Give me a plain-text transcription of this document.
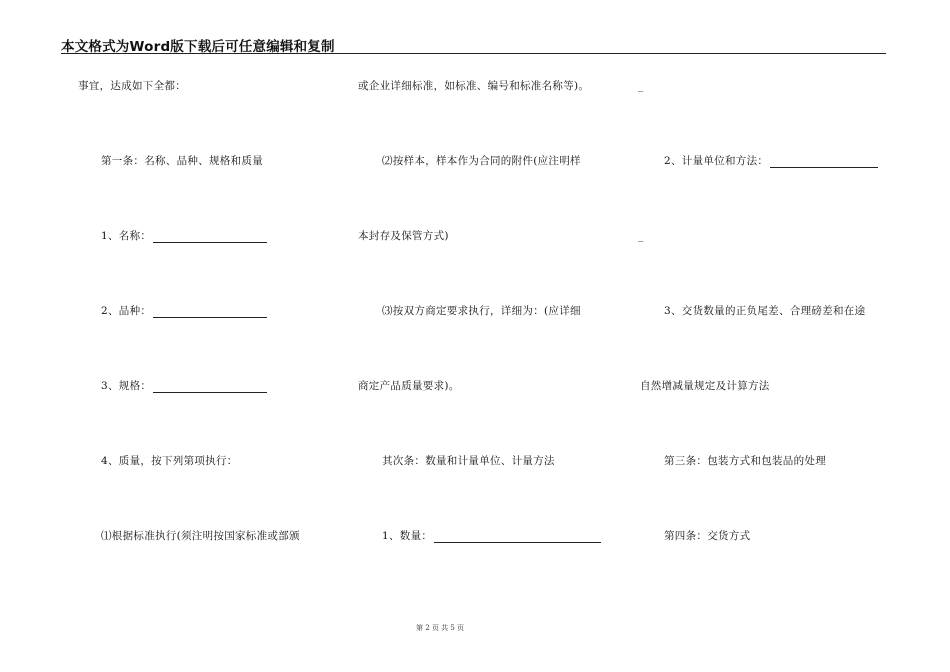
本文格式为Word版下载后可任意编辑和复制
事宜，达成如下全都：
第一条：名称、品种、规格和质量
1、名称：
2、品种：
3、规格：
4、质量，按下列第项执行：
⑴根据标准执行(须注明按国家标准或部颁
或企业详细标准，如标准、编号和标准名称等)。
⑵按样本，样本作为合同的附件(应注明样
本封存及保管方式)
⑶按双方商定要求执行，详细为：(应详细
商定产品质量要求)。
其次条：数量和计量单位、计量方法
1、数量：
_
2、计量单位和方法：
_
3、交货数量的正负尾差、合理磅差和在途
自然增减量规定及计算方法
第三条：包装方式和包装品的处理
第四条：交货方式
第 2 页 共 5 页
